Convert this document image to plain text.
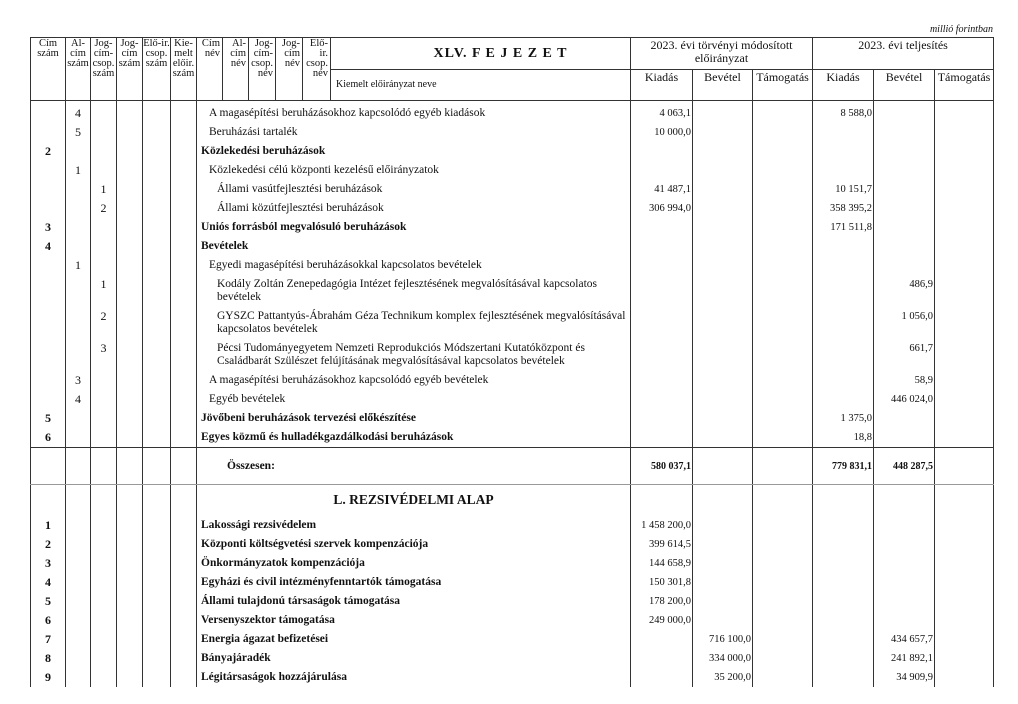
millió forintban
Cím szám	Al-cím szám	Jog-cím-csop. szám	Jog-cím szám	Elő-ir. csop. szám	Kie-melt előir. szám	Cím név	Al-cím név	Jog-cím-csop. név	Jog-cím név	Elő-ir. csop. név	XLV. F E J E Z E T	2023. évi törvényi módosított előirányzat			2023. évi teljesítés		
											Kiemelt előirányzat neve	Kiadás	Bevétel	Támogatás	Kiadás	Bevétel	Támogatás
	4					A magasépítési beruházásokhoz kapcsolódó egyéb kiadások						4 063,1			8 588,0		
	5					Beruházási tartalék						10 000,0					
2						Közlekedési beruházások											
	1					Közlekedési célú központi kezelésű előirányzatok											
		1				Állami vasútfejlesztési beruházások						41 487,1			10 151,7		
		2				Állami közútfejlesztési beruházások						306 994,0			358 395,2		
3						Uniós forrásból megvalósuló beruházások									171 511,8		
4						Bevételek											
	1					Egyedi magasépítési beruházásokkal kapcsolatos bevételek											
		1				Kodály Zoltán Zenepedagógia Intézet fejlesztésének megvalósításával kapcsolatos bevételek										486,9	
		2				GYSZC Pattantyús-Ábrahám Géza Technikum komplex fejlesztésének megvalósításával kapcsolatos bevételek										1 056,0	
		3				Pécsi Tudományegyetem Nemzeti Reprodukciós Módszertani Kutatóközpont és Családbarát Szülészet felújításának megvalósításával kapcsolatos bevételek										661,7	
	3					A magasépítési beruházásokhoz kapcsolódó egyéb bevételek										58,9	
	4					Egyéb bevételek										446 024,0	
5						Jövőbeni beruházások tervezési előkészítése									1 375,0		
6						Egyes közmű és hulladékgazdálkodási beruházások									18,8		
						Összesen:						580 037,1			779 831,1	448 287,5	
						L. REZSIVÉDELMI ALAP											
1						Lakossági rezsivédelem						1 458 200,0					
2						Központi költségvetési szervek kompenzációja						399 614,5					
3						Önkormányzatok kompenzációja						144 658,9					
4						Egyházi és civil intézményfenntartók támogatása						150 301,8					
5						Állami tulajdonú társaságok támogatása						178 200,0					
6						Versenyszektor támogatása						249 000,0					
7						Energia ágazat befizetései							716 100,0			434 657,7	
8						Bányajáradék							334 000,0			241 892,1	
9						Légitársaságok hozzájárulása							35 200,0			34 909,9	
